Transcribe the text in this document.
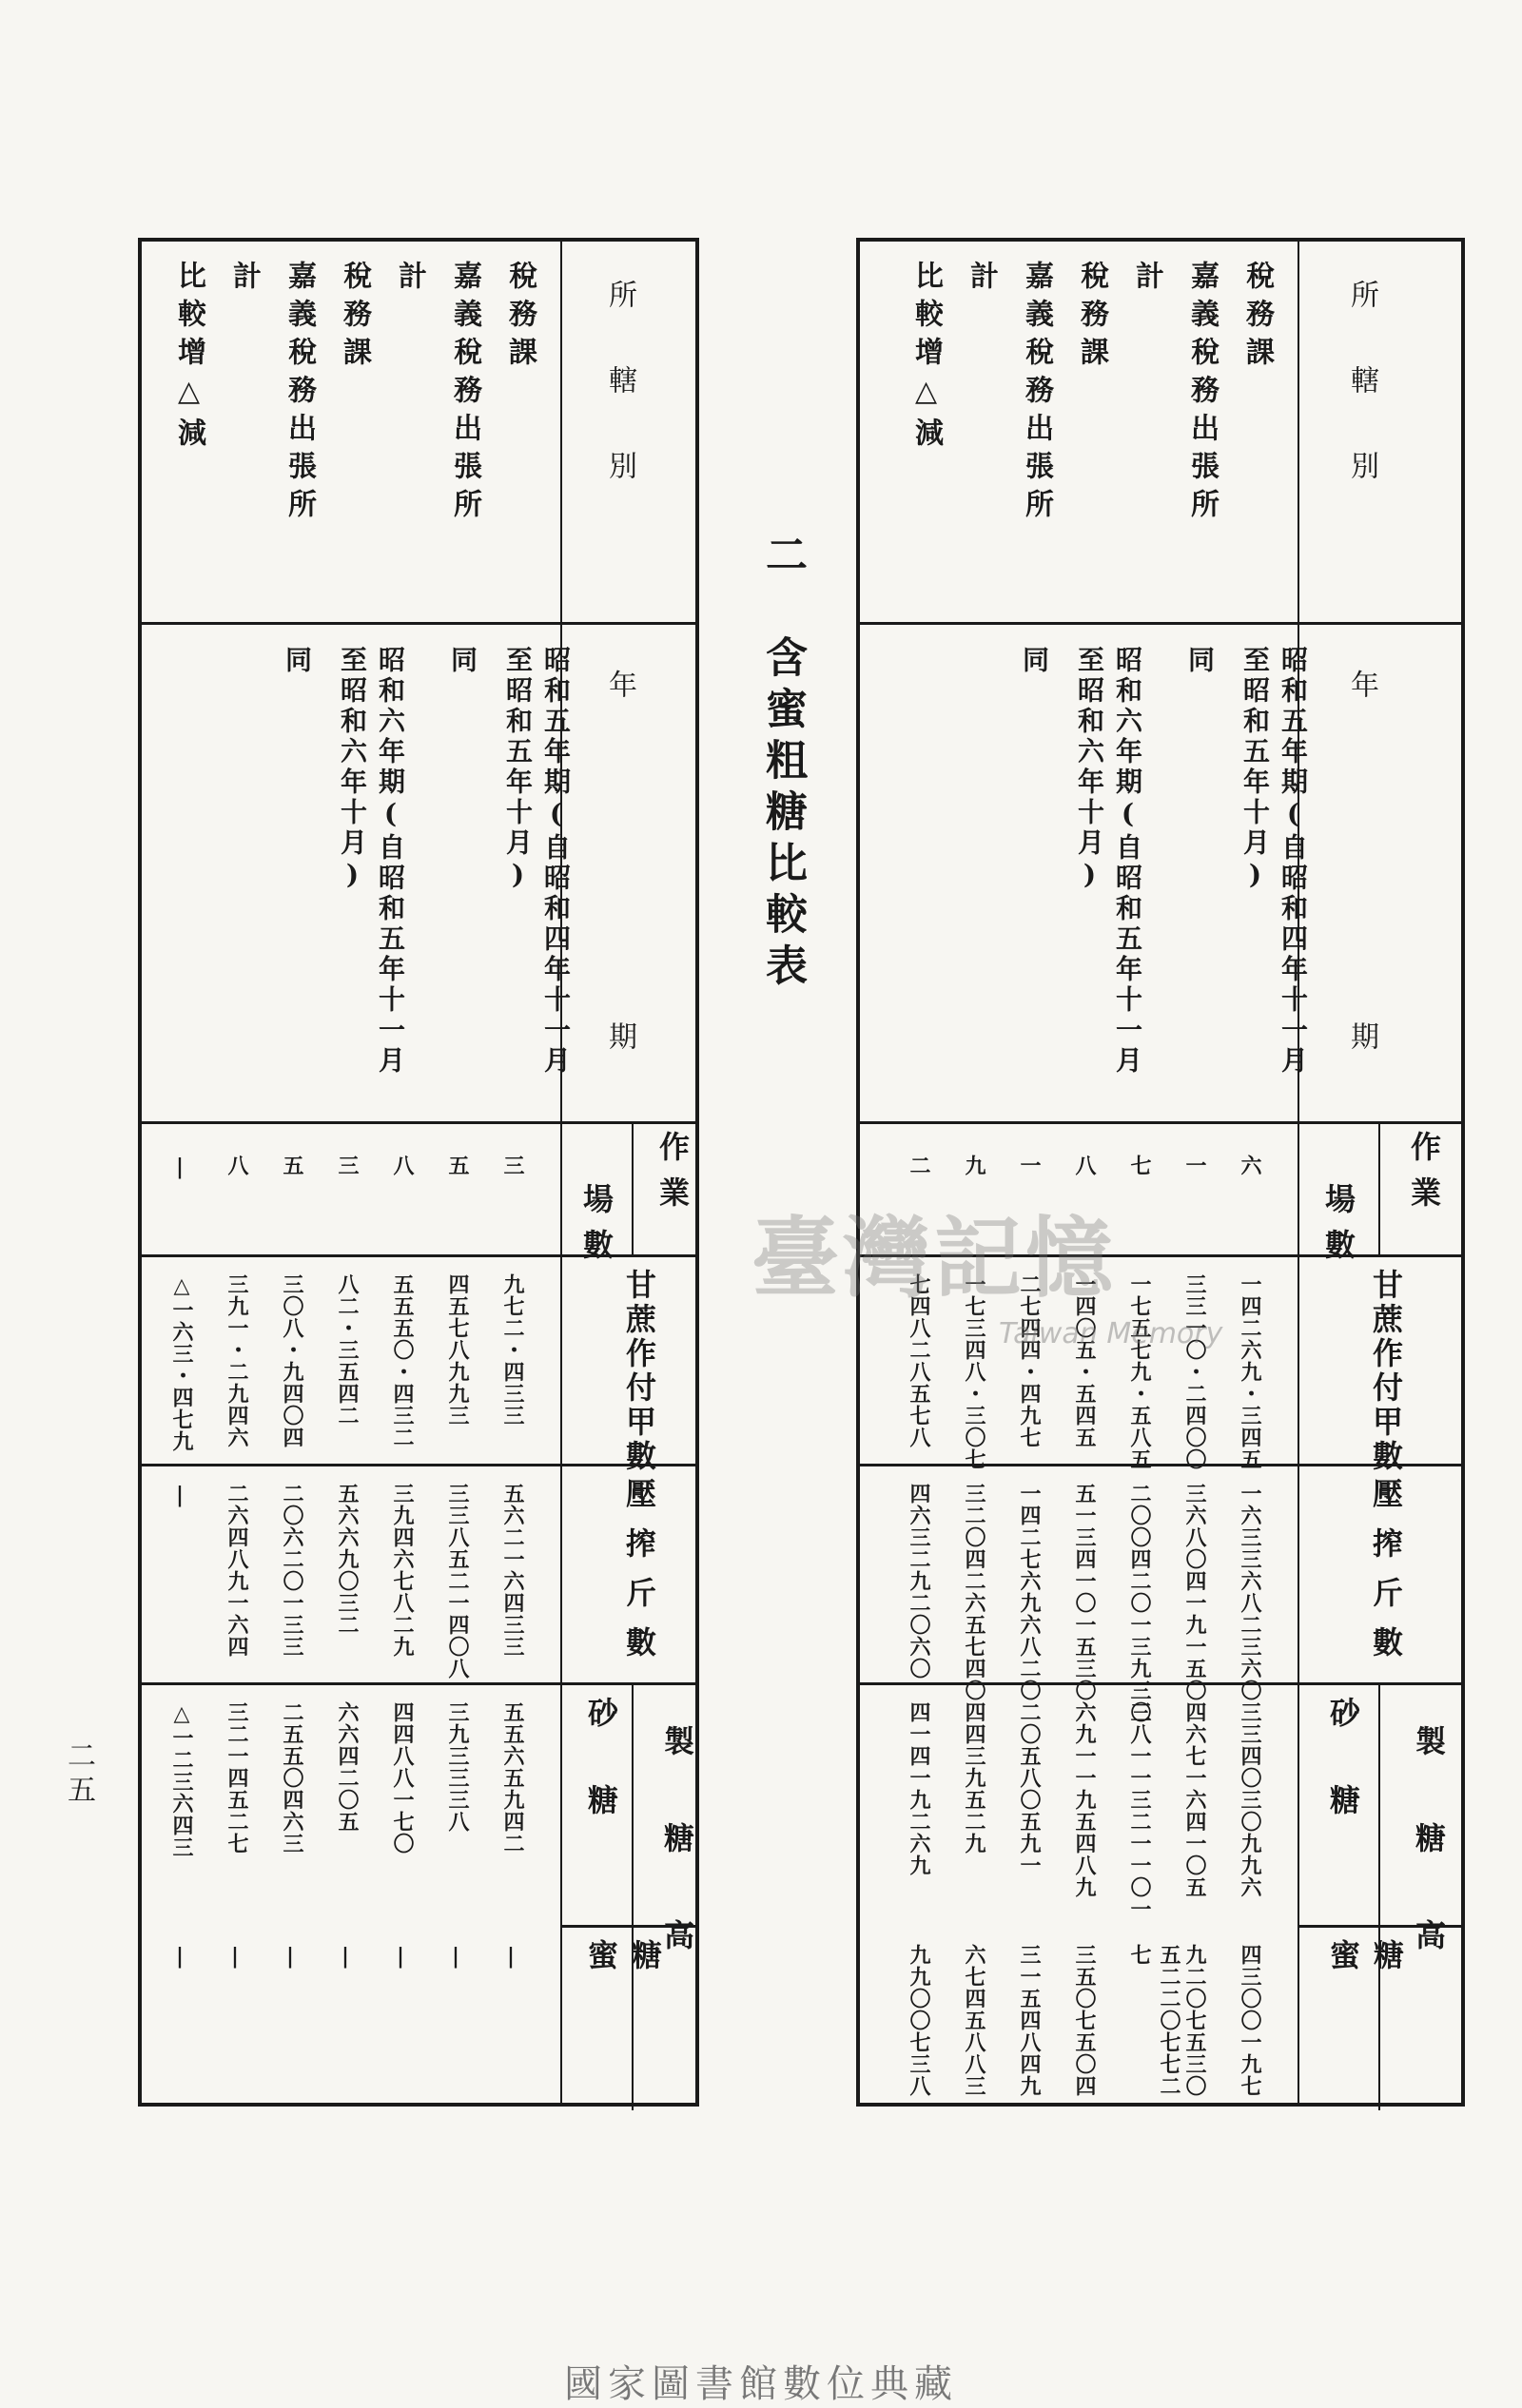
所轄別
年
期
作業
場數
甘蔗作付甲數
壓搾斤數
製糖高
砂糖
糖蜜
稅務課
昭和五年期(自昭和四年十一月至昭和五年十月)
六
一四二六九・三四五
一六三三六八二三六〇
三三四〇三〇九九六
四三〇〇一九七
嘉義稅務出張所
同
一
三三一〇・二四〇〇
三六八〇四一九一五〇
四六七一六四一〇五
九二〇七五三〇
計
七
一七五七九・五八五
二〇〇四二〇一三九三〇
三八一一三二一一〇一
五二二〇七七二七
稅務課
昭和六年期(自昭和五年十一月至昭和六年十月)
八
一四〇五・五四五
五一三四一〇一五三〇
六九一一九五四八九
三五〇七五〇四
嘉義稅務出張所
同
一
二七四四・四九七
一四二七六九六八二〇
二〇五八〇五九一
三一五四八四九
計
九
一七三四八・三〇七
三二〇四二六五七四〇
四四三九五二九
六七四五八八三
比較增△減
二
七四八二八五七八
四六三二九二〇六〇
四一四一九二六九
九九〇〇七三八
所轄別
年
期
作業
場數
甘蔗作付甲數
壓搾斤數
製糖高
砂糖
糖蜜
稅務課
昭和五年期(自昭和四年十一月至昭和五年十月)
三
九七二・四三三
五六二一六四三三
五五六五九四二
|
嘉義稅務出張所
同
五
四五七八九九三
三三八五二一四〇八
三九三三三八
|
計
八
五五五〇・四三二
三九四六七八二九
四四八八一七〇
|
稅務課
昭和六年期(自昭和五年十一月至昭和六年十月)
三
八二・三五四二
五六六九〇三二
六六四二〇五
|
嘉義稅務出張所
同
五
三〇八・九四〇四
二〇六二〇一三三
二五五〇四六三
|
計
八
三九一・二九四六
二六四八九一六四
三二一四五二七
|
比較增△減
|
△一六三・四七九
|
△一二三六四三
|
二　含蜜粗糖比較表
二五
臺灣記憶
Taiwan Memory
國家圖書館數位典藏
